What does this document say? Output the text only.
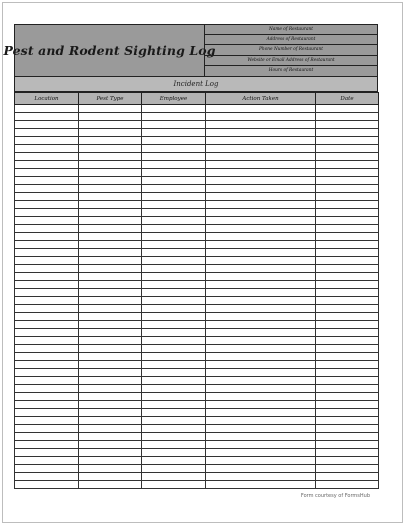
Pest and Rodent Sighting Log
Name of Restaurant
Address of Restaurant
Phone Number of Restaurant
Website or Email Address of Restaurant
Hours of Restaurant
Incident Log
Location	Pest Type	Employee	Action Taken	Date

Form courtesy of FormsHub
